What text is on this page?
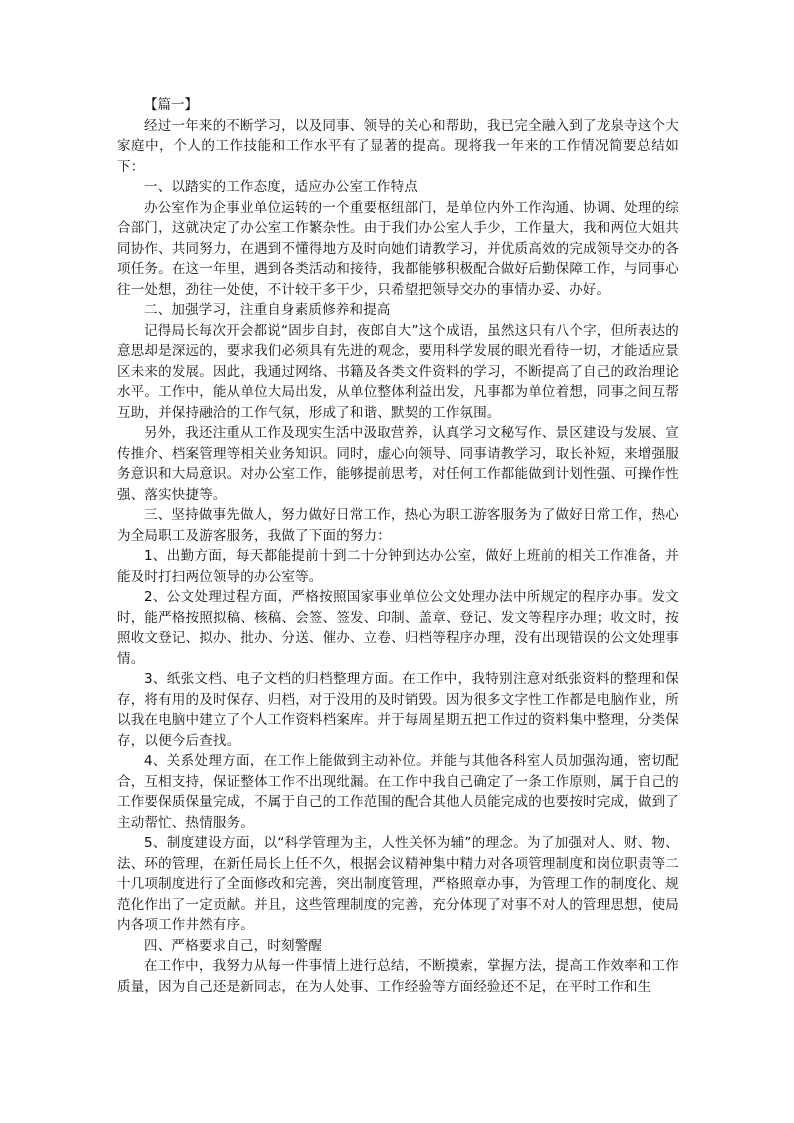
【篇一】

经过一年来的不断学习，以及同事、领导的关心和帮助，我已完全融入到了龙泉寺这个大家庭中，个人的工作技能和工作水平有了显著的提高。现将我一年来的工作情况简要总结如下：

一、以踏实的工作态度，适应办公室工作特点

办公室作为企事业单位运转的一个重要枢纽部门，是单位内外工作沟通、协调、处理的综合部门，这就决定了办公室工作繁杂性。由于我们办公室人手少，工作量大，我和两位大姐共同协作、共同努力，在遇到不懂得地方及时向她们请教学习，并优质高效的完成领导交办的各项任务。在这一年里，遇到各类活动和接待，我都能够积极配合做好后勤保障工作，与同事心往一处想，劲往一处使，不计较干多干少，只希望把领导交办的事情办妥、办好。

二、加强学习，注重自身素质修养和提高

记得局长每次开会都说“固步自封，夜郎自大”这个成语，虽然这只有八个字，但所表达的意思却是深远的，要求我们必须具有先进的观念，要用科学发展的眼光看待一切，才能适应景区未来的发展。因此，我通过网络、书籍及各类文件资料的学习，不断提高了自己的政治理论水平。工作中，能从单位大局出发，从单位整体利益出发，凡事都为单位着想，同事之间互帮互助，并保持融洽的工作气氛，形成了和谐、默契的工作氛围。

另外，我还注重从工作及现实生活中汲取营养，认真学习文秘写作、景区建设与发展、宣传推介、档案管理等相关业务知识。同时，虚心向领导、同事请教学习，取长补短，来增强服务意识和大局意识。对办公室工作，能够提前思考，对任何工作都能做到计划性强、可操作性强、落实快捷等。

三、坚持做事先做人，努力做好日常工作，热心为职工游客服务为了做好日常工作，热心为全局职工及游客服务，我做了下面的努力：

1、出勤方面，每天都能提前十到二十分钟到达办公室，做好上班前的相关工作准备，并能及时打扫两位领导的办公室等。

2、公文处理过程方面，严格按照国家事业单位公文处理办法中所规定的程序办事。发文时，能严格按照拟稿、核稿、会签、签发、印制、盖章、登记、发文等程序办理；收文时，按照收文登记、拟办、批办、分送、催办、立卷、归档等程序办理，没有出现错误的公文处理事情。

3、纸张文档、电子文档的归档整理方面。在工作中，我特别注意对纸张资料的整理和保存，将有用的及时保存、归档，对于没用的及时销毁。因为很多文字性工作都是电脑作业，所以我在电脑中建立了个人工作资料档案库。并于每周星期五把工作过的资料集中整理，分类保存，以便今后查找。

4、关系处理方面，在工作上能做到主动补位。并能与其他各科室人员加强沟通，密切配合，互相支持，保证整体工作不出现纰漏。在工作中我自己确定了一条工作原则，属于自己的工作要保质保量完成，不属于自己的工作范围的配合其他人员能完成的也要按时完成，做到了主动帮忙、热情服务。

5、制度建设方面，以“科学管理为主，人性关怀为辅”的理念。为了加强对人、财、物、法、环的管理，在新任局长上任不久，根据会议精神集中精力对各项管理制度和岗位职责等二十几项制度进行了全面修改和完善，突出制度管理，严格照章办事，为管理工作的制度化、规范化作出了一定贡献。并且，这些管理制度的完善，充分体现了对事不对人的管理思想，使局内各项工作井然有序。

四、严格要求自己，时刻警醒

在工作中，我努力从每一件事情上进行总结，不断摸索，掌握方法，提高工作效率和工作质量，因为自己还是新同志，在为人处事、工作经验等方面经验还不足，在平时工作和生
